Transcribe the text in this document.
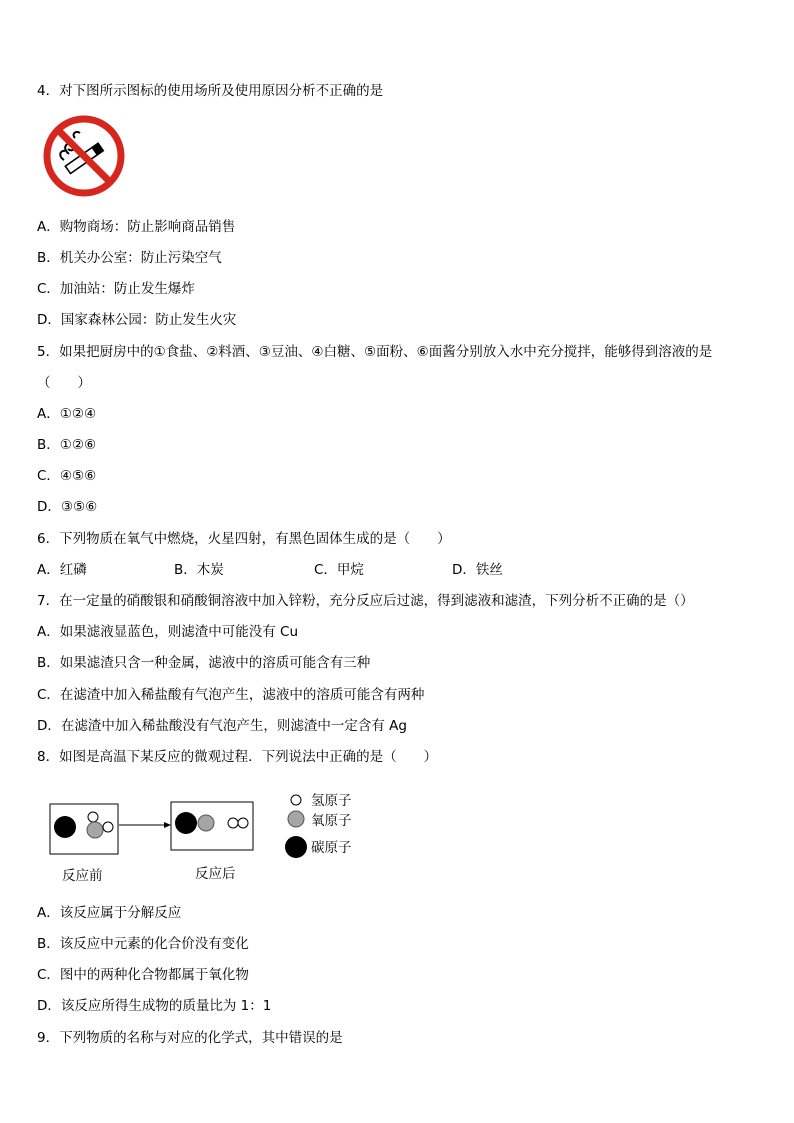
4．对下图所示图标的使用场所及使用原因分析不正确的是
A．购物商场：防止影响商品销售
B．机关办公室：防止污染空气
C．加油站：防止发生爆炸
D．国家森林公园：防止发生火灾
5．如果把厨房中的①食盐、②料酒、③豆油、④白糖、⑤面粉、⑥面酱分别放入水中充分搅拌，能够得到溶液的是
（　　）
A．①②④
B．①②⑥
C．④⑤⑥
D．③⑤⑥
6．下列物质在氧气中燃烧，火星四射，有黑色固体生成的是（　　）
A．红磷	B．木炭	C．甲烷	D．铁丝
7．在一定量的硝酸银和硝酸铜溶液中加入锌粉，充分反应后过滤，得到滤液和滤渣，下列分析不正确的是（）
A．如果滤液显蓝色，则滤渣中可能没有 Cu
B．如果滤渣只含一种金属，滤液中的溶质可能含有三种
C．在滤渣中加入稀盐酸有气泡产生，滤液中的溶质可能含有两种
D．在滤渣中加入稀盐酸没有气泡产生，则滤渣中一定含有 Ag
8．如图是高温下某反应的微观过程．下列说法中正确的是（　　）
反应前	反应后
氢原子
氧原子
碳原子
A．该反应属于分解反应
B．该反应中元素的化合价没有变化
C．图中的两种化合物都属于氧化物
D．该反应所得生成物的质量比为 1：1
9．下列物质的名称与对应的化学式，其中错误的是
